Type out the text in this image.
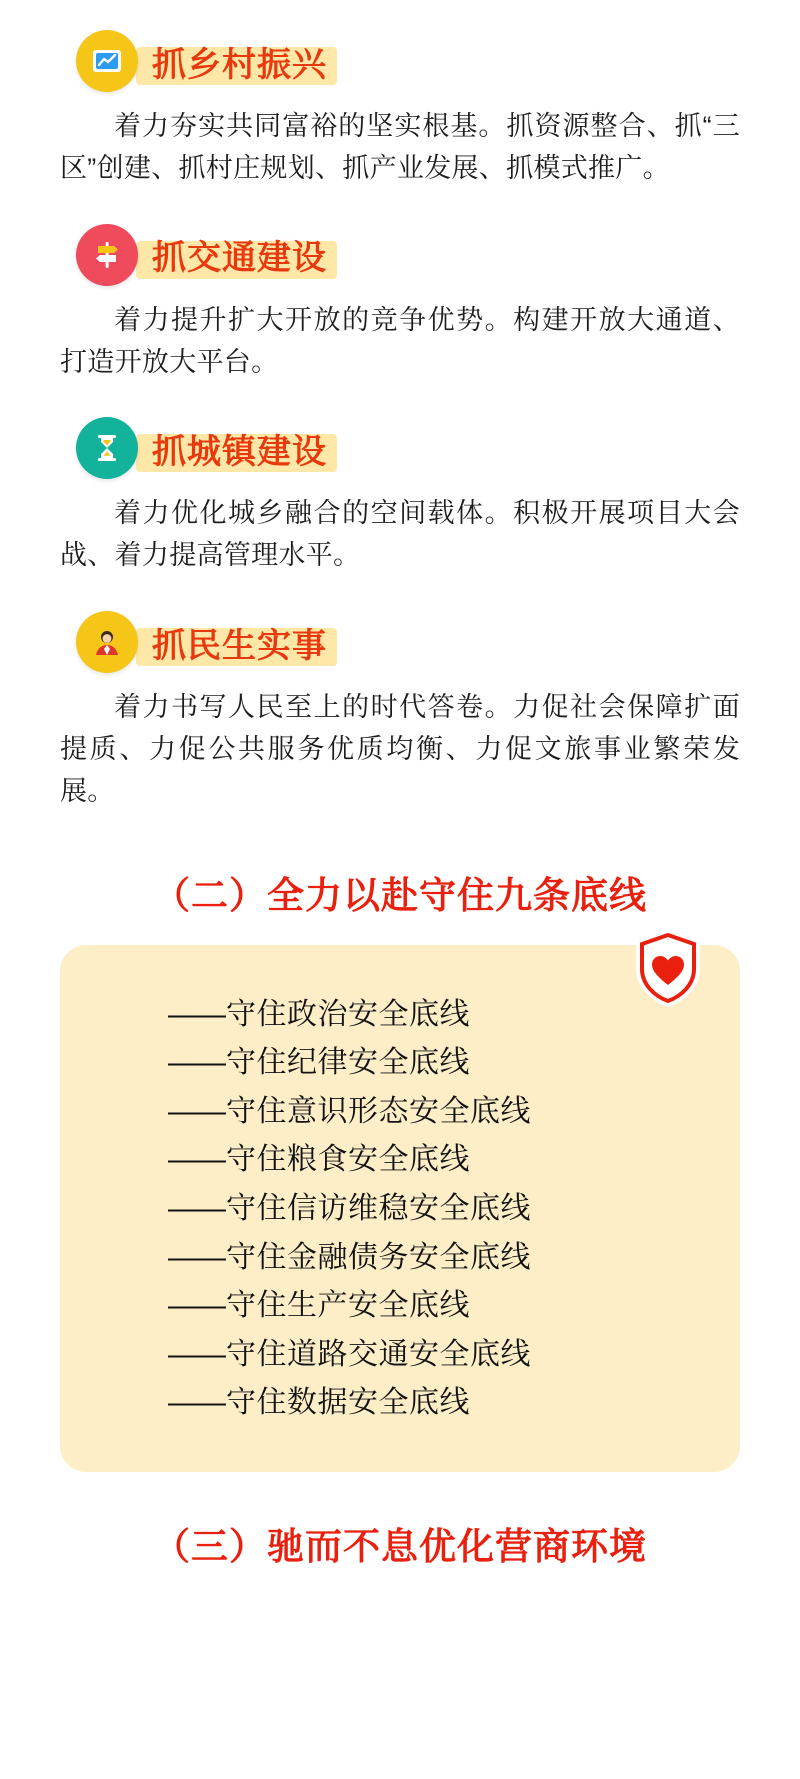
抓乡村振兴
着力夯实共同富裕的坚实根基。抓资源整合、抓“三区”创建、抓村庄规划、抓产业发展、抓模式推广。
抓交通建设
着力提升扩大开放的竞争优势。构建开放大通道、打造开放大平台。
抓城镇建设
着力优化城乡融合的空间载体。积极开展项目大会战、着力提高管理水平。
抓民生实事
着力书写人民至上的时代答卷。力促社会保障扩面提质、力促公共服务优质均衡、力促文旅事业繁荣发展。
（二）全力以赴守住九条底线
——守住政治安全底线
——守住纪律安全底线
——守住意识形态安全底线
——守住粮食安全底线
——守住信访维稳安全底线
——守住金融债务安全底线
——守住生产安全底线
——守住道路交通安全底线
——守住数据安全底线
（三）驰而不息优化营商环境
